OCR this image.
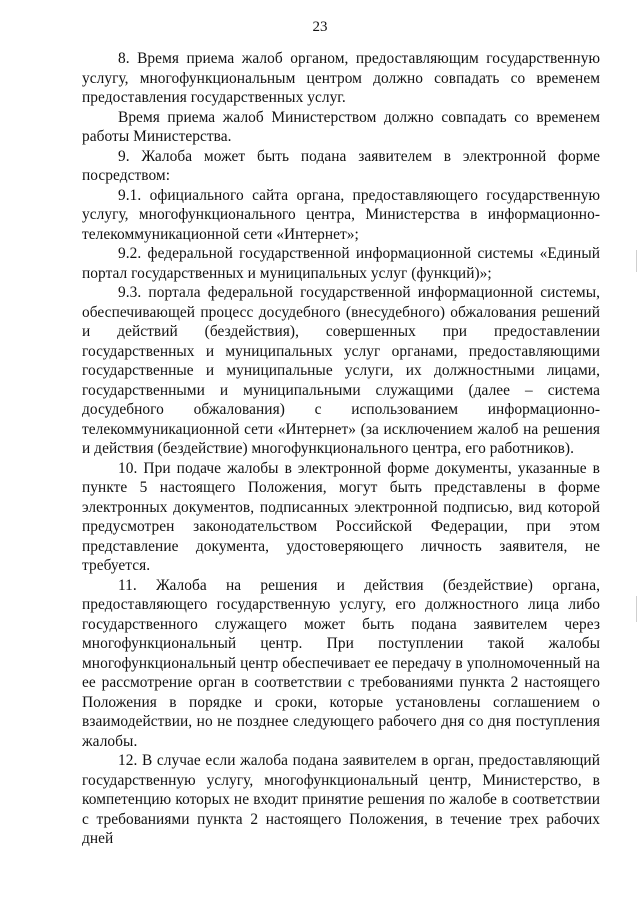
23

8. Время приема жалоб органом, предоставляющим государственную услугу, многофункциональным центром должно совпадать со временем предоставления государственных услуг.

Время приема жалоб Министерством должно совпадать со временем работы Министерства.

9. Жалоба может быть подана заявителем в электронной форме посредством:

9.1. официального сайта органа, предоставляющего государственную услугу, многофункционального центра, Министерства в информационно-телекоммуникационной сети «Интернет»;

9.2. федеральной государственной информационной системы «Единый портал государственных и муниципальных услуг (функций)»;

9.3. портала федеральной государственной информационной системы, обеспечивающей процесс досудебного (внесудебного) обжалования решений и действий (бездействия), совершенных при предоставлении государственных и муниципальных услуг органами, предоставляющими государственные и муниципальные услуги, их должностными лицами, государственными и муниципальными служащими (далее – система досудебного обжалования) с использованием информационно-телекоммуникационной сети «Интернет» (за исключением жалоб на решения и действия (бездействие) многофункционального центра, его работников).

10. При подаче жалобы в электронной форме документы, указанные в пункте 5 настоящего Положения, могут быть представлены в форме электронных документов, подписанных электронной подписью, вид которой предусмотрен законодательством Российской Федерации, при этом представление документа, удостоверяющего личность заявителя, не требуется.

11. Жалоба на решения и действия (бездействие) органа, предоставляющего государственную услугу, его должностного лица либо государственного служащего может быть подана заявителем через многофункциональный центр. При поступлении такой жалобы многофункциональный центр обеспечивает ее передачу в уполномоченный на ее рассмотрение орган в соответствии с требованиями пункта 2 настоящего Положения в порядке и сроки, которые установлены соглашением о взаимодействии, но не позднее следующего рабочего дня со дня поступления жалобы.

12. В случае если жалоба подана заявителем в орган, предоставляющий государственную услугу, многофункциональный центр, Министерство, в компетенцию которых не входит принятие решения по жалобе в соответствии с требованиями пункта 2 настоящего Положения, в течение трех рабочих дней
